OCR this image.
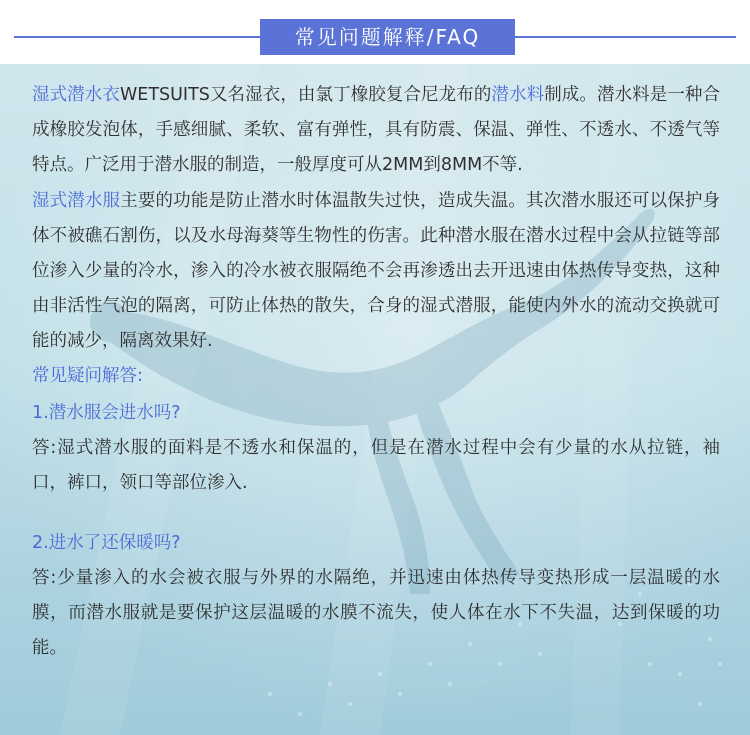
常见问题解释/FAQ

湿式潜水衣WETSUITS又名湿衣，由氯丁橡胶复合尼龙布的潜水料制成。潜水料是一种合成橡胶发泡体，手感细腻、柔软、富有弹性，具有防震、保温、弹性、不透水、不透气等特点。广泛用于潜水服的制造，一般厚度可从2MM到8MM不等.

湿式潜水服主要的功能是防止潜水时体温散失过快，造成失温。其次潜水服还可以保护身体不被礁石割伤，以及水母海葵等生物性的伤害。此种潜水服在潜水过程中会从拉链等部位渗入少量的冷水，渗入的冷水被衣服隔绝不会再渗透出去开迅速由体热传导变热，这种由非活性气泡的隔离，可防止体热的散失，合身的湿式潜服，能使内外水的流动交换就可能的减少，隔离效果好.

常见疑问解答:

1.潜水服会进水吗?

答:湿式潜水服的面料是不透水和保温的，但是在潜水过程中会有少量的水从拉链，袖口，裤口，领口等部位渗入.

2.进水了还保暖吗?

答:少量渗入的水会被衣服与外界的水隔绝，并迅速由体热传导变热形成一层温暖的水膜，而潜水服就是要保护这层温暖的水膜不流失，使人体在水下不失温，达到保暖的功能。
